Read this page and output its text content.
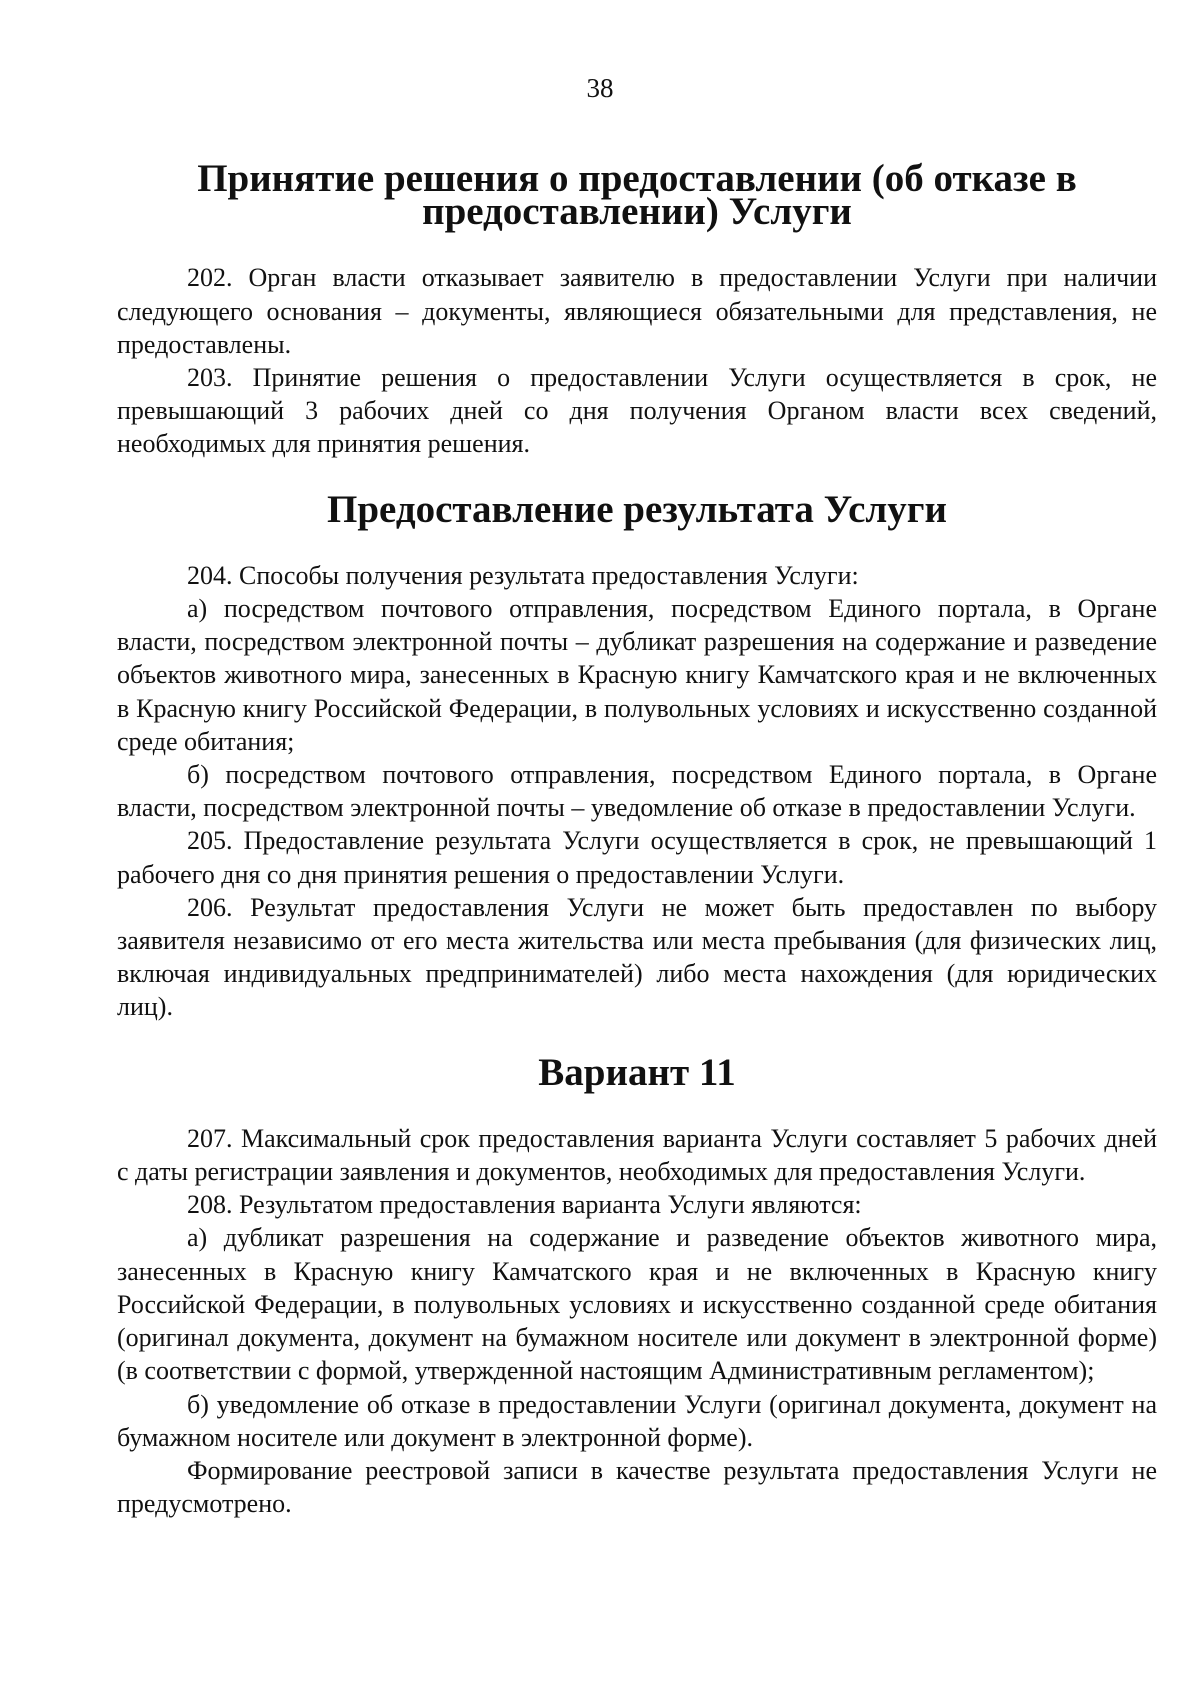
38
Принятие решения о предоставлении (об отказе в предоставлении) Услуги

202. Орган власти отказывает заявителю в предоставлении Услуги при наличии следующего основания – документы, являющиеся обязательными для представления, не предоставлены.

203. Принятие решения о предоставлении Услуги осуществляется в срок, не превышающий 3 рабочих дней со дня получения Органом власти всех сведений, необходимых для принятия решения.

Предоставление результата Услуги

204. Способы получения результата предоставления Услуги:

а) посредством почтового отправления, посредством Единого портала, в Органе власти, посредством электронной почты – дубликат разрешения на содержание и разведение объектов животного мира, занесенных в Красную книгу Камчатского края и не включенных в Красную книгу Российской Федерации, в полувольных условиях и искусственно созданной среде обитания;

б) посредством почтового отправления, посредством Единого портала, в Органе власти, посредством электронной почты – уведомление об отказе в предоставлении Услуги.

205. Предоставление результата Услуги осуществляется в срок, не превышающий 1 рабочего дня со дня принятия решения о предоставлении Услуги.

206. Результат предоставления Услуги не может быть предоставлен по выбору заявителя независимо от его места жительства или места пребывания (для физических лиц, включая индивидуальных предпринимателей) либо места нахождения (для юридических лиц).

Вариант 11

207. Максимальный срок предоставления варианта Услуги составляет 5 рабочих дней с даты регистрации заявления и документов, необходимых для предоставления Услуги.

208. Результатом предоставления варианта Услуги являются:

а) дубликат разрешения на содержание и разведение объектов животного мира, занесенных в Красную книгу Камчатского края и не включенных в Красную книгу Российской Федерации, в полувольных условиях и искусственно созданной среде обитания (оригинал документа, документ на бумажном носителе или документ в электронной форме) (в соответствии с формой, утвержденной настоящим Административным регламентом);

б) уведомление об отказе в предоставлении Услуги (оригинал документа, документ на бумажном носителе или документ в электронной форме).

Формирование реестровой записи в качестве результата предоставления Услуги не предусмотрено.
